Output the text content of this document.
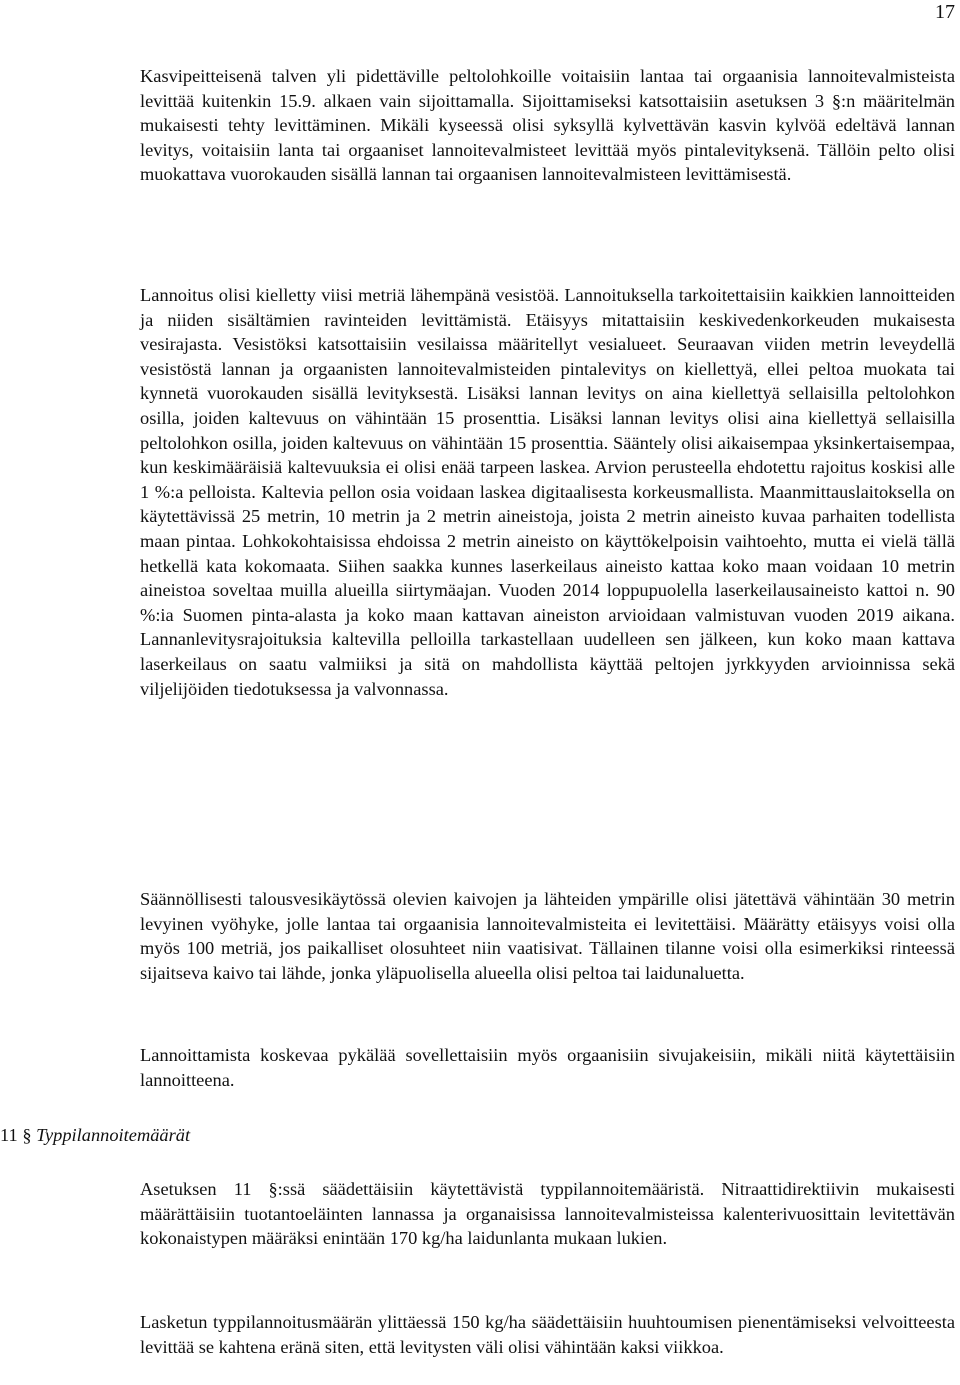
17

Kasvipeitteisenä talven yli pidettäville peltolohkoille voitaisiin lantaa tai orgaanisia lannoitevalmisteista levittää kuitenkin 15.9. alkaen vain sijoittamalla. Sijoittamiseksi katsottaisiin asetuksen 3 §:n määritelmän mukaisesti tehty levittäminen. Mikäli kyseessä olisi syksyllä kylvettävän kasvin kylvöä edeltävä lannan levitys, voitaisiin lanta tai orgaaniset lannoitevalmisteet levittää myös pintalevityksenä. Tällöin pelto olisi muokattava vuorokauden sisällä lannan tai orgaanisen lannoitevalmisteen levittämisestä.

Lannoitus olisi kielletty viisi metriä lähempänä vesistöä. Lannoituksella tarkoitettaisiin kaikkien lannoitteiden ja niiden sisältämien ravinteiden levittämistä. Etäisyys mitattaisiin keskivedenkorkeuden mukaisesta vesirajasta. Vesistöksi katsottaisiin vesilaissa määritellyt vesialueet. Seuraavan viiden metrin leveydellä vesistöstä lannan ja orgaanisten lannoitevalmisteiden pintalevitys on kiellettyä, ellei peltoa muokata tai kynnetä vuorokauden sisällä levityksestä. Lisäksi lannan levitys on aina kiellettyä sellaisilla peltolohkon osilla, joiden kaltevuus on vähintään 15 prosenttia. Lisäksi lannan levitys olisi aina kiellettyä sellaisilla peltolohkon osilla, joiden kaltevuus on vähintään 15 prosenttia. Sääntely olisi aikaisempaa yksinkertaisempaa, kun keskimääräisiä kaltevuuksia ei olisi enää tarpeen laskea. Arvion perusteella ehdotettu rajoitus koskisi alle 1 %:a pelloista. Kaltevia pellon osia voidaan laskea digitaalisesta korkeusmallista. Maanmittauslaitoksella on käytettävissä 25 metrin, 10 metrin ja 2 metrin aineistoja, joista 2 metrin aineisto kuvaa parhaiten todellista maan pintaa. Lohkokohtaisissa ehdoissa 2 metrin aineisto on käyttökelpoisin vaihtoehto, mutta ei vielä tällä hetkellä kata kokomaata. Siihen saakka kunnes laserkeilaus aineisto kattaa koko maan voidaan 10 metrin aineistoa soveltaa muilla alueilla siirtymäajan. Vuoden 2014 loppupuolella laserkeilausaineisto kattoi n. 90 %:ia Suomen pinta-alasta ja koko maan kattavan aineiston arvioidaan valmistuvan vuoden 2019 aikana. Lannanlevitysrajoituksia kaltevilla pelloilla tarkastellaan uudelleen sen jälkeen, kun koko maan kattava laserkeilaus on saatu valmiiksi ja sitä on mahdollista käyttää peltojen jyrkkyyden arvioinnissa sekä viljelijöiden tiedotuksessa ja valvonnassa.

Säännöllisesti talousvesikäytössä olevien kaivojen ja lähteiden ympärille olisi jätettävä vähintään 30 metrin levyinen vyöhyke, jolle lantaa tai orgaanisia lannoitevalmisteita ei levitettäisi. Määrätty etäisyys voisi olla myös 100 metriä, jos paikalliset olosuhteet niin vaatisivat. Tällainen tilanne voisi olla esimerkiksi rinteessä sijaitseva kaivo tai lähde, jonka yläpuolisella alueella olisi peltoa tai laidunaluetta.

Lannoittamista koskevaa pykälää sovellettaisiin myös orgaanisiin sivujakeisiin, mikäli niitä käytettäisiin lannoitteena.

11 § Typpilannoitemäärät

Asetuksen 11 §:ssä säädettäisiin käytettävistä typpilannoitemääristä. Nitraattidirektiivin mukaisesti määrättäisiin tuotantoeläinten lannassa ja organaisissa lannoitevalmisteissa kalenterivuosittain levitettävän kokonaistypen määräksi enintään 170 kg/ha laidunlanta mukaan lukien.

Lasketun typpilannoitusmäärän ylittäessä 150 kg/ha säädettäisiin huuhtoumisen pienentämiseksi velvoitteesta levittää se kahtena eränä siten, että levitysten väli olisi vähintään kaksi viikkoa.
